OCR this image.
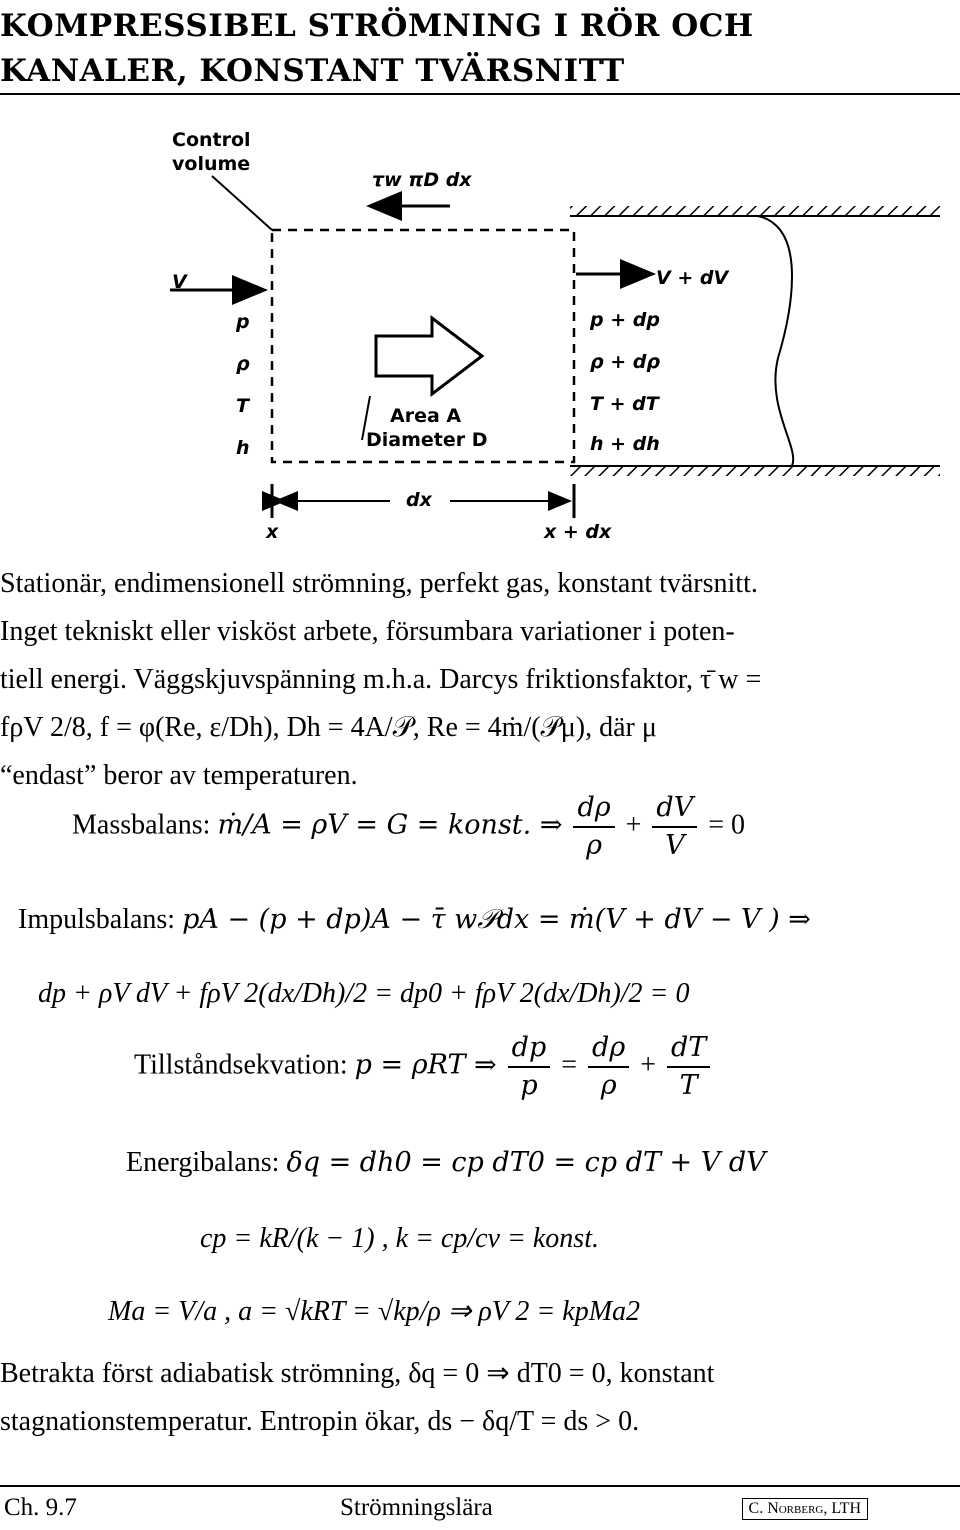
KOMPRESSIBEL STRÖMNING I RÖR OCH
KANALER, KONSTANT TVÄRSNITT
Control
volume
τw πD dx
V
p
ρ
T
h
V + dV
p + dp
ρ + dρ
T + dT
h + dh
Area A
Diameter D
dx
x	x + dx
Stationär, endimensionell strömning, perfekt gas, konstant tvärsnitt.
Inget tekniskt eller visköst arbete, försumbara variationer i poten-
tiell energi. Väggskjuvspänning m.h.a. Darcys friktionsfaktor, τ̄ w =
fρV 2/8, f = φ(Re, ε/Dh), Dh = 4A/𝒫, Re = 4ṁ/(𝒫μ), där μ
“endast” beror av temperaturen.
Massbalans: ṁ/A = ρV = G = konst. ⇒ $\frac{d\rho}{\rho} + \frac{dV}{V} = 0$
Impulsbalans: pA − (p + dp)A − τ̄ w𝒫dx = ṁ(V + dV − V ) ⇒
dp + ρV dV + fρV 2(dx/Dh)/2 = dp0 + fρV 2(dx/Dh)/2 = 0
Tillståndsekvation: p = ρRT ⇒ $\frac{dp}{p} = \frac{d\rho}{\rho} + \frac{dT}{T}$
Energibalans: δq = dh0 = cp dT0 = cp dT + V dV
cp = kR/(k − 1) , k = cp/cv = konst.
Ma = V/a , a = √kRT = √kp/ρ ⇒ ρV 2 = kpMa2
Betrakta först adiabatisk strömning, δq = 0 ⇒ dT0 = 0, konstant
stagnationstemperatur. Entropin ökar, ds − δq/T = ds > 0.
Ch. 9.7	Strömningslära	C. Norberg, LTH
